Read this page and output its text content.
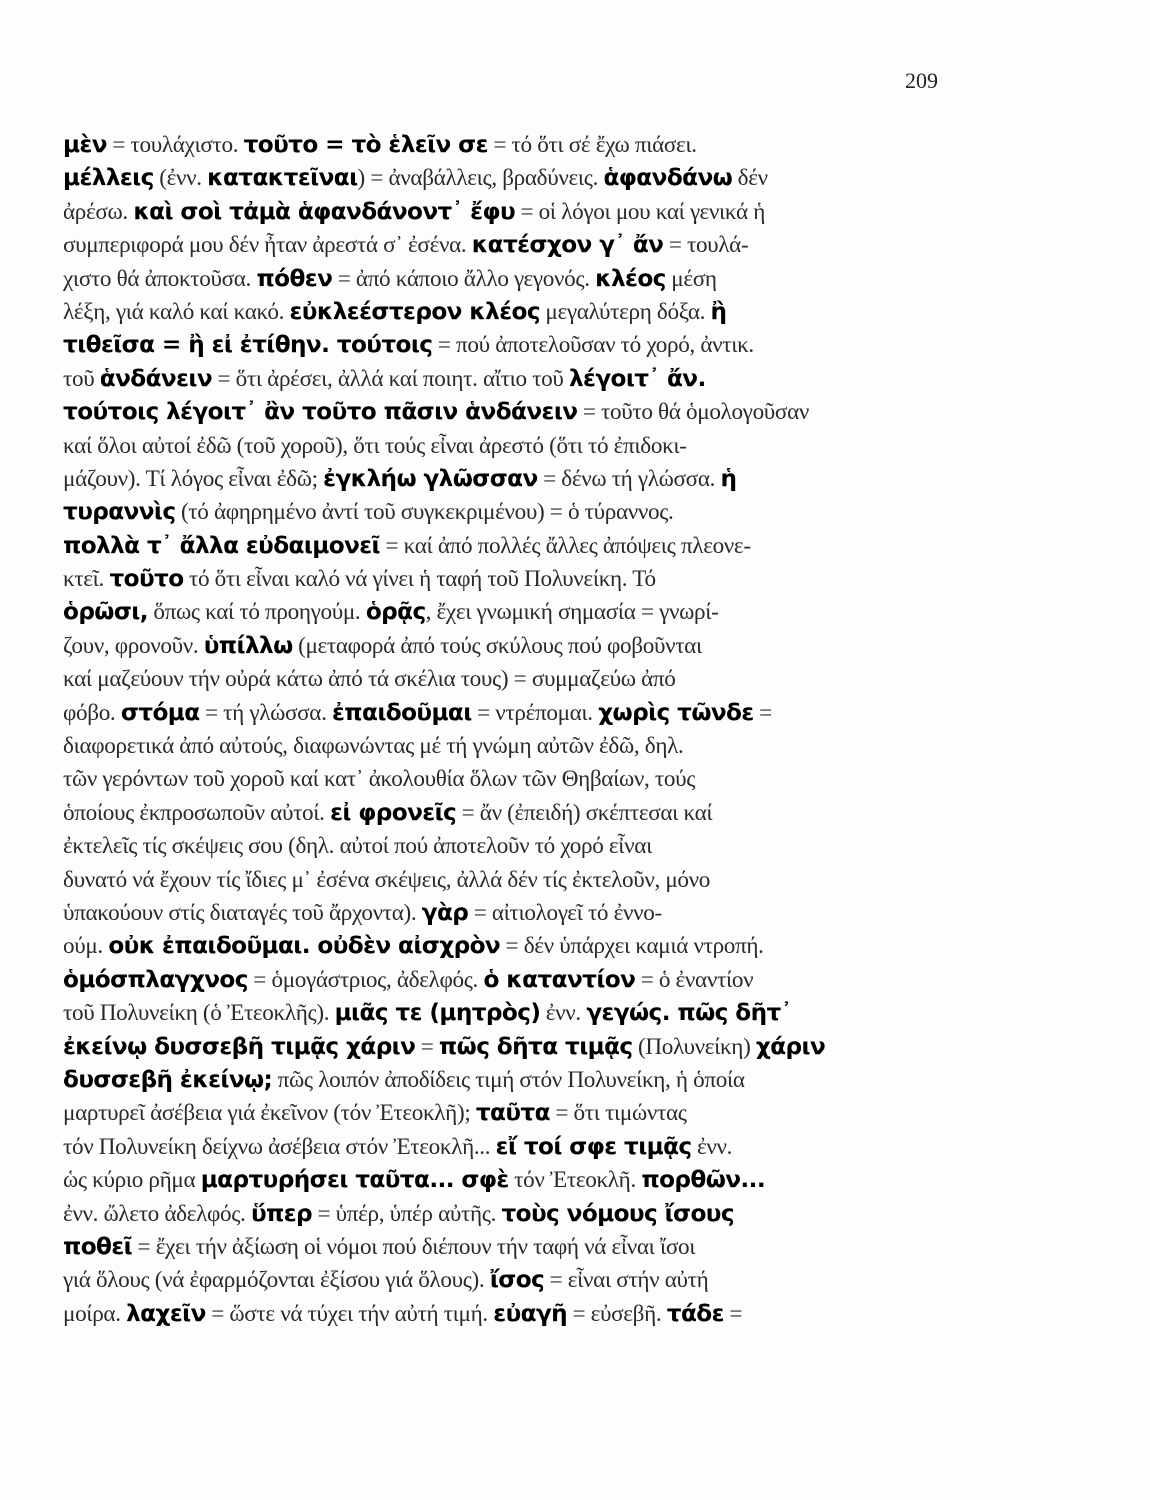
209
μὲν = τουλάχιστο. τοῦτο = τὸ ἑλεῖν σε = τό ὅτι σέ ἔχω πιάσει.
μέλλεις (ἐνν. κατακτεῖναι) = ἀναβάλλεις, βραδύνεις. ἁφανδάνω δέν
ἀρέσω. καὶ σοὶ τἀμὰ ἁφανδάνοντ᾿ ἔφυ = οἱ λόγοι μου καί γενικά ἡ
συμπεριφορά μου δέν ἦταν ἀρεστά σ᾿ ἐσένα. κατέσχον γ᾿ ἄν = τουλά-
χιστο θά ἀποκτοῦσα. πόθεν = ἀπό κάποιο ἄλλο γεγονός. κλέος μέση
λέξη, γιά καλό καί κακό. εὐκλεέστερον κλέος μεγαλύτερη δόξα. ἢ
τιθεῖσα = ἢ εἰ ἐτίθην. τούτοις = πού ἀποτελοῦσαν τό χορό, ἀντικ.
τοῦ ἁνδάνειν = ὅτι ἀρέσει, ἀλλά καί ποιητ. αἴτιο τοῦ λέγοιτ᾿ ἄν.
τούτοις λέγοιτ᾿ ἂν τοῦτο πᾶσιν ἁνδάνειν = τοῦτο θά ὁμολογοῦσαν
καί ὅλοι αὐτοί ἐδῶ (τοῦ χοροῦ), ὅτι τούς εἶναι ἀρεστό (ὅτι τό ἐπιδοκι-
μάζουν). Τί λόγος εἶναι ἐδῶ; ἐγκλήω γλῶσσαν = δένω τή γλώσσα. ἡ
τυραννὶς (τό ἀφηρημένο ἀντί τοῦ συγκεκριμένου) = ὁ τύραννος.
πολλὰ τ᾿ ἄλλα εὐδαιμονεῖ = καί ἀπό πολλές ἄλλες ἀπόψεις πλεονε-
κτεῖ. τοῦτο τό ὅτι εἶναι καλό νά γίνει ἡ ταφή τοῦ Πολυνείκη. Τό
ὁρῶσι, ὅπως καί τό προηγούμ. ὁρᾷς, ἔχει γνωμική σημασία = γνωρί-
ζουν, φρονοῦν. ὑπίλλω (μεταφορά ἀπό τούς σκύλους πού φοβοῦνται
καί μαζεύουν τήν οὐρά κάτω ἀπό τά σκέλια τους) = συμμαζεύω ἀπό
φόβο. στόμα = τή γλώσσα. ἐπαιδοῦμαι = ντρέπομαι. χωρὶς τῶνδε =
διαφορετικά ἀπό αὐτούς, διαφωνώντας μέ τή γνώμη αὐτῶν ἐδῶ, δηλ.
τῶν γερόντων τοῦ χοροῦ καί κατ᾿ ἀκολουθία ὅλων τῶν Θηβαίων, τούς
ὁποίους ἐκπροσωποῦν αὐτοί. εἰ φρονεῖς = ἄν (ἐπειδή) σκέπτεσαι καί
ἐκτελεῖς τίς σκέψεις σου (δηλ. αὐτοί πού ἀποτελοῦν τό χορό εἶναι
δυνατό νά ἔχουν τίς ἴδιες μ᾿ ἐσένα σκέψεις, ἀλλά δέν τίς ἐκτελοῦν, μόνο
ὑπακούουν στίς διαταγές τοῦ ἄρχοντα). γὰρ = αἰτιολογεῖ τό ἐννο-
ούμ. οὐκ ἐπαιδοῦμαι. οὐδὲν αἰσχρὸν = δέν ὑπάρχει καμιά ντροπή.
ὁμόσπλαγχνος = ὁμογάστριος, ἀδελφός. ὁ καταντίον = ὁ ἐναντίον
τοῦ Πολυνείκη (ὁ Ἐτεοκλῆς). μιᾶς τε (μητρὸς) ἐνν. γεγώς. πῶς δῆτ᾿
ἐκείνῳ δυσσεβῆ τιμᾷς χάριν = πῶς δῆτα τιμᾷς (Πολυνείκη) χάριν
δυσσεβῆ ἐκείνῳ; πῶς λοιπόν ἀποδίδεις τιμή στόν Πολυνείκη, ἡ ὁποία
μαρτυρεῖ ἀσέβεια γιά ἐκεῖνον (τόν Ἐτεοκλῆ); ταῦτα = ὅτι τιμώντας
τόν Πολυνείκη δείχνω ἀσέβεια στόν Ἐτεοκλῆ... εἴ τοί σφε τιμᾷς ἐνν.
ὡς κύριο ρῆμα μαρτυρήσει ταῦτα... σφὲ τόν Ἐτεοκλῆ. πορθῶν...
ἐνν. ὤλετο ἀδελφός. ὕπερ = ὑπέρ, ὑπέρ αὐτῆς. τοὺς νόμους ἴσους
ποθεῖ = ἔχει τήν ἀξίωση οἱ νόμοι πού διέπουν τήν ταφή νά εἶναι ἴσοι
γιά ὅλους (νά ἐφαρμόζονται ἐξίσου γιά ὅλους). ἴσος = εἶναι στήν αὐτή
μοίρα. λαχεῖν = ὥστε νά τύχει τήν αὐτή τιμή. εὐαγῆ = εὐσεβῆ. τάδε =
